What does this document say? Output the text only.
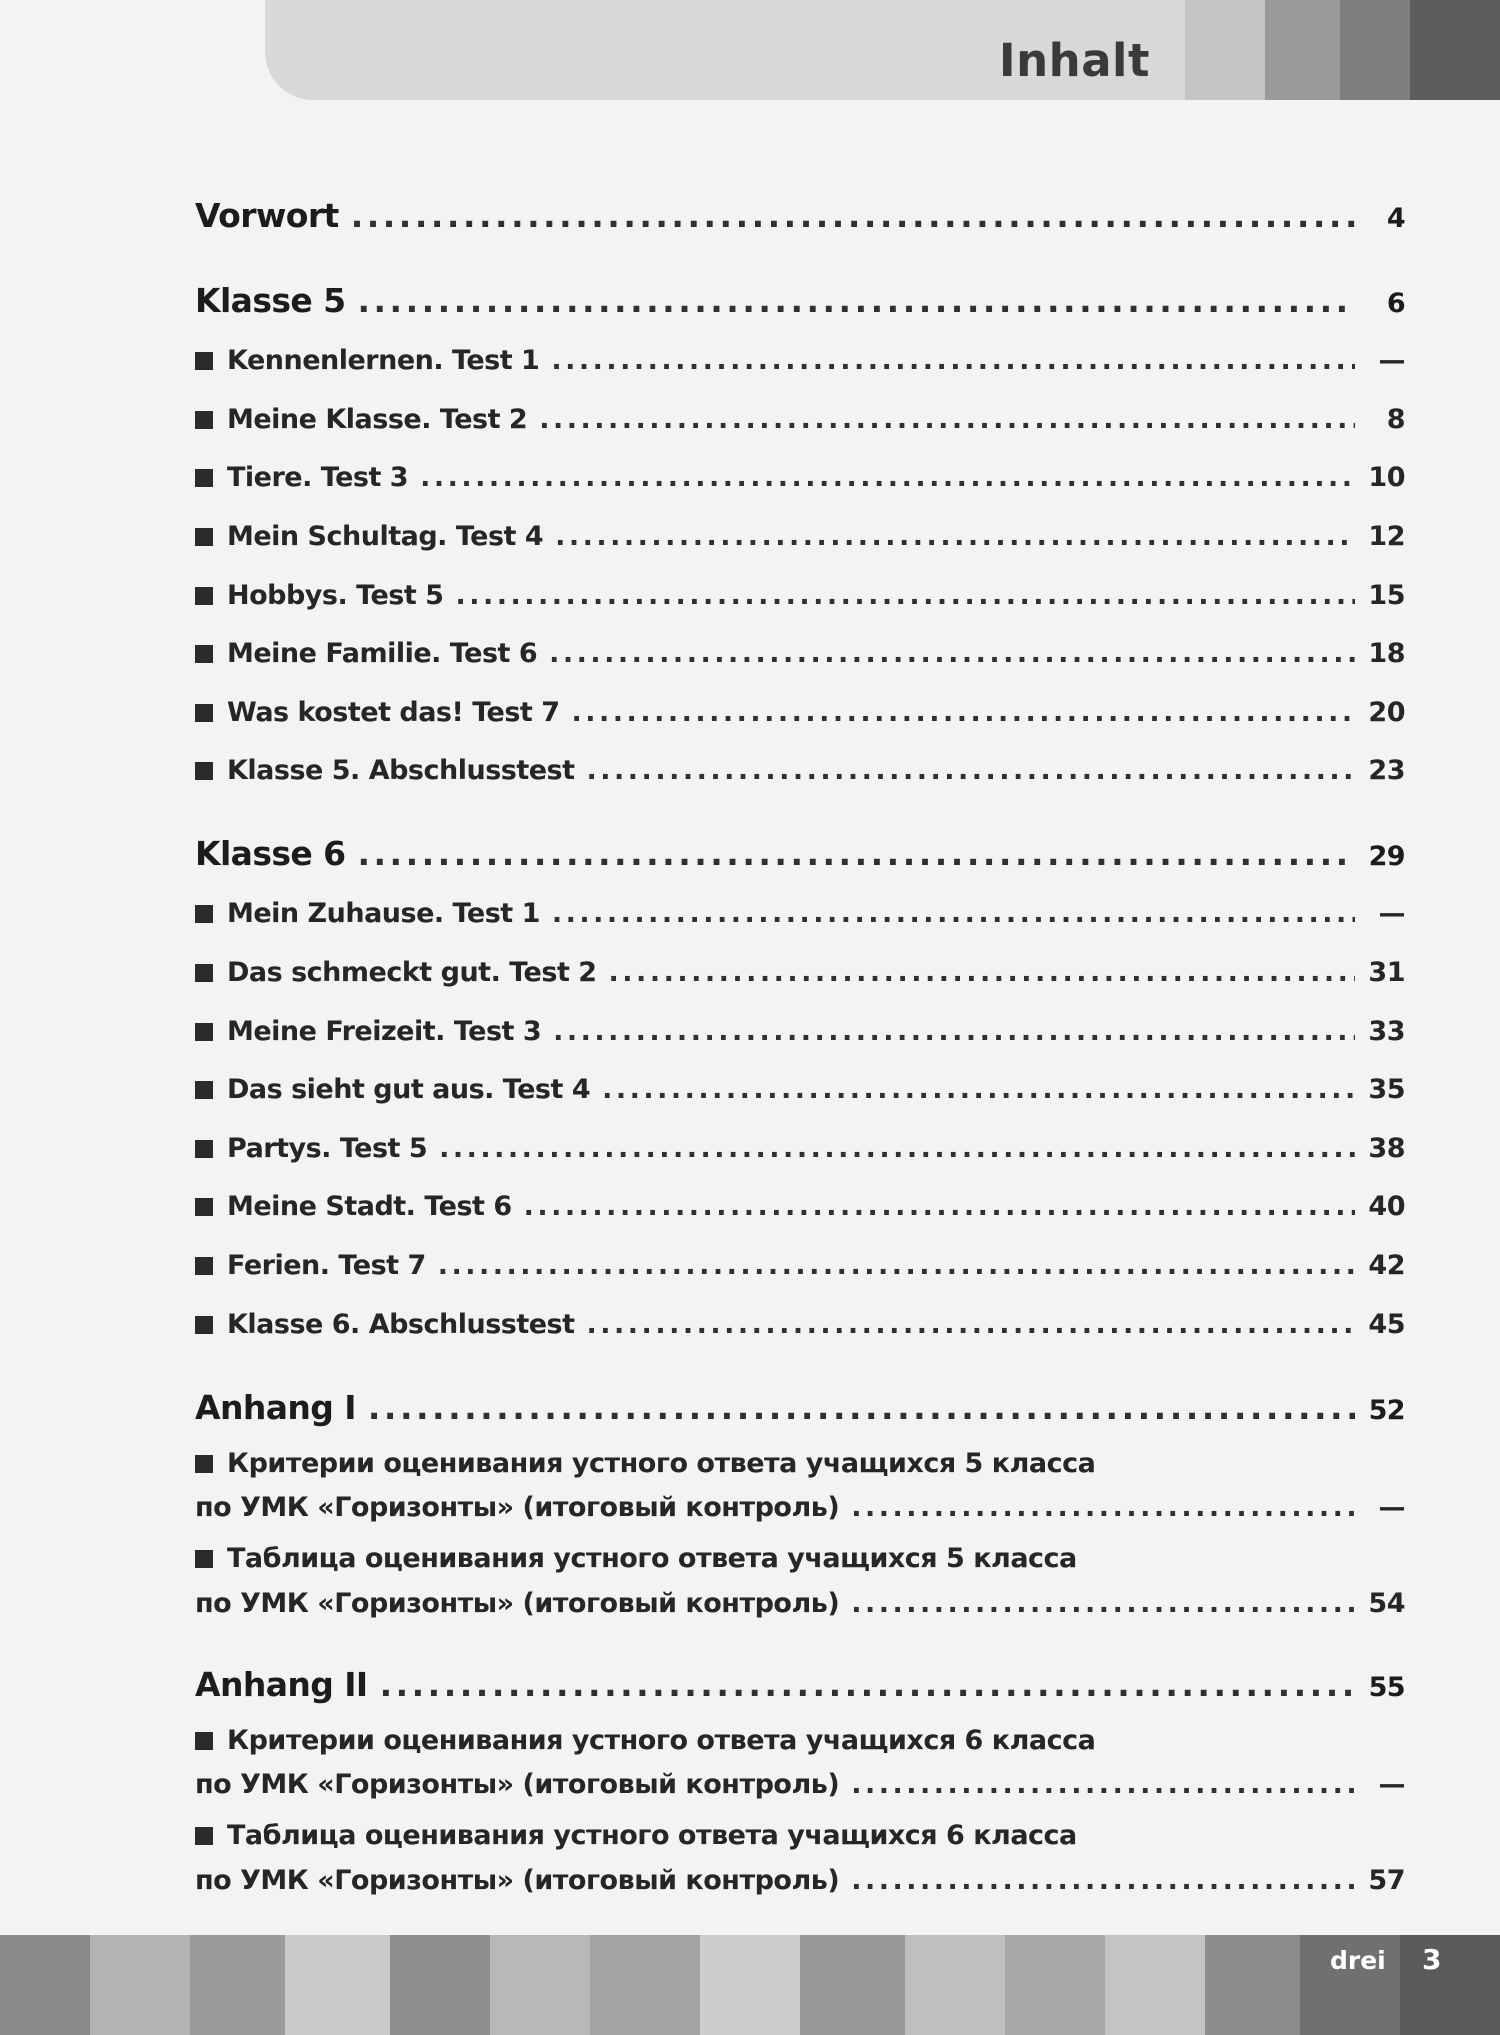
Inhalt
Vorwort .....	4
Klasse 5 .....	6
Kennenlernen. Test 1 .....	—
Meine Klasse. Test 2 .....	8
Tiere. Test 3 .....	10
Mein Schultag. Test 4 .....	12
Hobbys. Test 5 .....	15
Meine Familie. Test 6 .....	18
Was kostet das! Test 7 .....	20
Klasse 5. Abschlusstest .....	23
Klasse 6 .....	29
Mein Zuhause. Test 1 .....	—
Das schmeckt gut. Test 2 .....	31
Meine Freizeit. Test 3 .....	33
Das sieht gut aus. Test 4 .....	35
Partys. Test 5 .....	38
Meine Stadt. Test 6 .....	40
Ferien. Test 7 .....	42
Klasse 6. Abschlusstest .....	45
Anhang I .....	52
Критерии оценивания устного ответа учащихся 5 класса
по УМК «Горизонты» (итоговый контроль) .....	—
Таблица оценивания устного ответа учащихся 5 класса
по УМК «Горизонты» (итоговый контроль) .....	54
Anhang II .....	55
Критерии оценивания устного ответа учащихся 6 класса
по УМК «Горизонты» (итоговый контроль) .....	—
Таблица оценивания устного ответа учащихся 6 класса
по УМК «Горизонты» (итоговый контроль) .....	57
drei 3
